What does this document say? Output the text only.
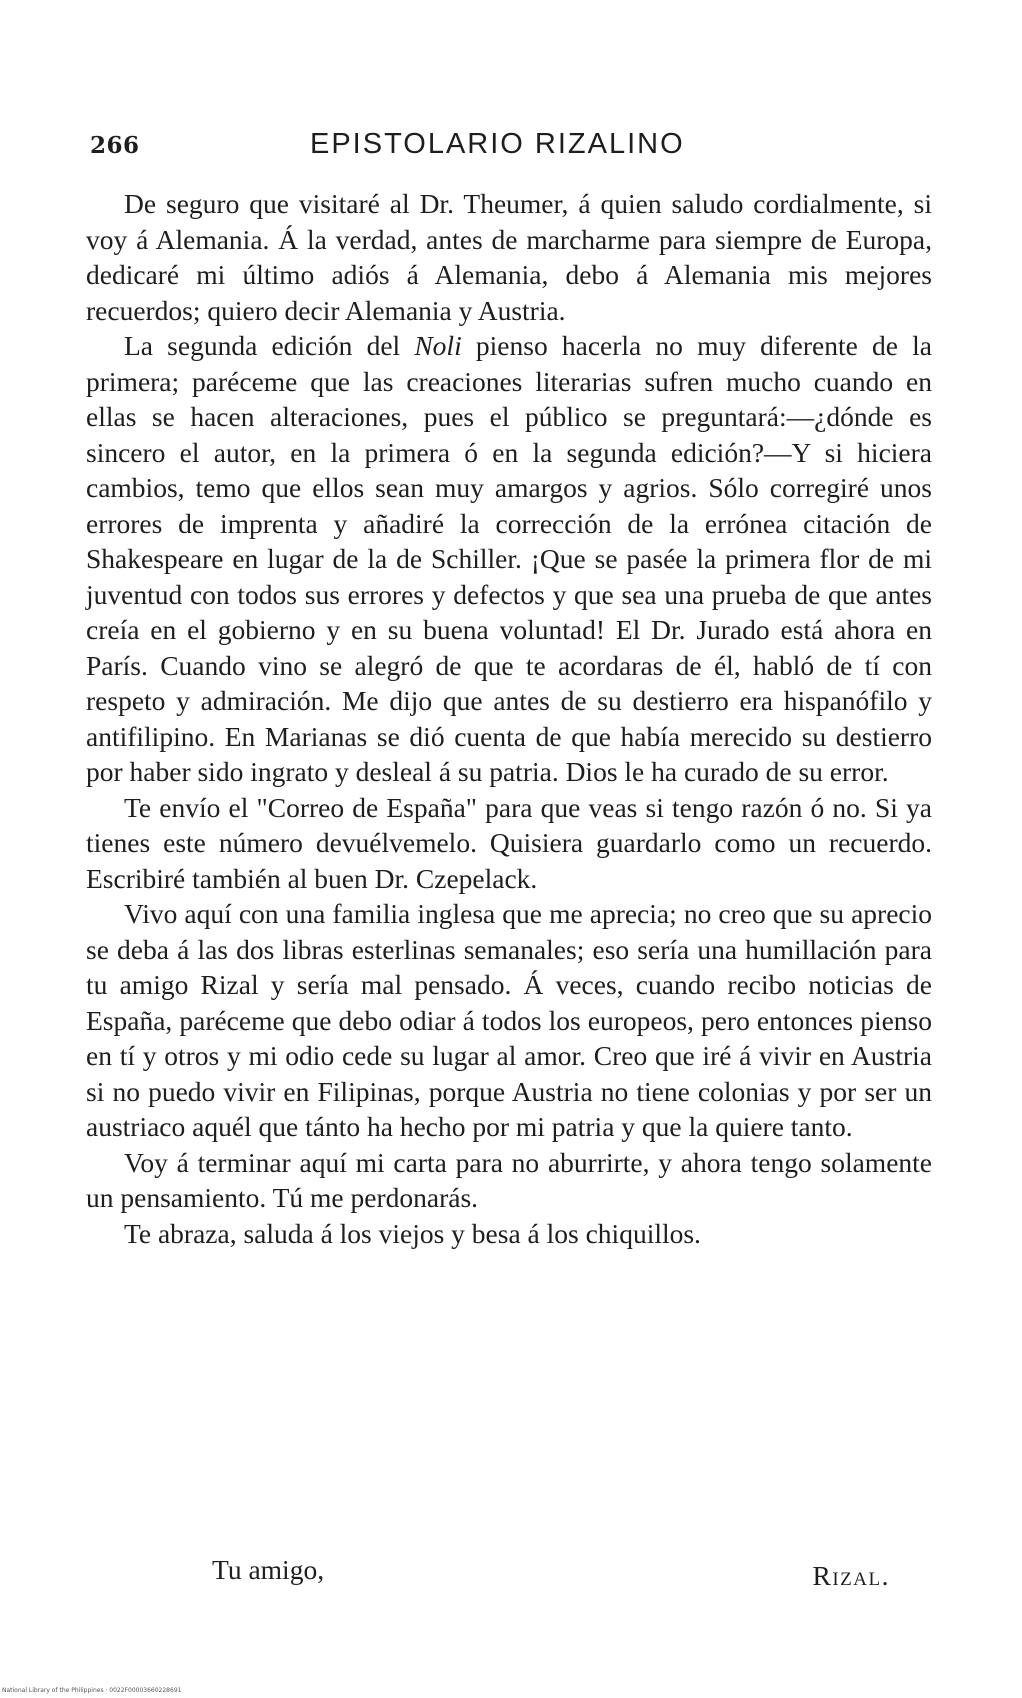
266	EPISTOLARIO RIZALINO

De seguro que visitaré al Dr. Theumer, á quien saludo cordialmente, si voy á Alemania. Á la verdad, antes de marcharme para siempre de Europa, dedicaré mi último adiós á Alemania, debo á Alemania mis mejores recuerdos; quiero decir Alemania y Austria.

La segunda edición del Noli pienso hacerla no muy diferente de la primera; paréceme que las creaciones literarias sufren mucho cuando en ellas se hacen alteraciones, pues el público se preguntará:—¿dónde es sincero el autor, en la primera ó en la segunda edición?—Y si hiciera cambios, temo que ellos sean muy amargos y agrios. Sólo corregiré unos errores de imprenta y añadiré la corrección de la errónea citación de Shakespeare en lugar de la de Schiller. ¡Que se pasée la primera flor de mi juventud con todos sus errores y defectos y que sea una prueba de que antes creía en el gobierno y en su buena voluntad! El Dr. Jurado está ahora en París. Cuando vino se alegró de que te acordaras de él, habló de tí con respeto y admiración. Me dijo que antes de su destierro era hispanófilo y antifilipino. En Marianas se dió cuenta de que había merecido su destierro por haber sido ingrato y desleal á su patria. Dios le ha curado de su error.

Te envío el "Correo de España" para que veas si tengo razón ó no. Si ya tienes este número devuélvemelo. Quisiera guardarlo como un recuerdo. Escribiré también al buen Dr. Czepelack.

Vivo aquí con una familia inglesa que me aprecia; no creo que su aprecio se deba á las dos libras esterlinas semanales; eso sería una humillación para tu amigo Rizal y sería mal pensado. Á veces, cuando recibo noticias de España, paréceme que debo odiar á todos los europeos, pero entonces pienso en tí y otros y mi odio cede su lugar al amor. Creo que iré á vivir en Austria si no puedo vivir en Filipinas, porque Austria no tiene colonias y por ser un austriaco aquél que tánto ha hecho por mi patria y que la quiere tanto.

Voy á terminar aquí mi carta para no aburrirte, y ahora tengo solamente un pensamiento. Tú me perdonarás.

Te abraza, saluda á los viejos y besa á los chiquillos.

Tu amigo,	Rizal.
National Library of the Philippines · 0022F00003660228691
